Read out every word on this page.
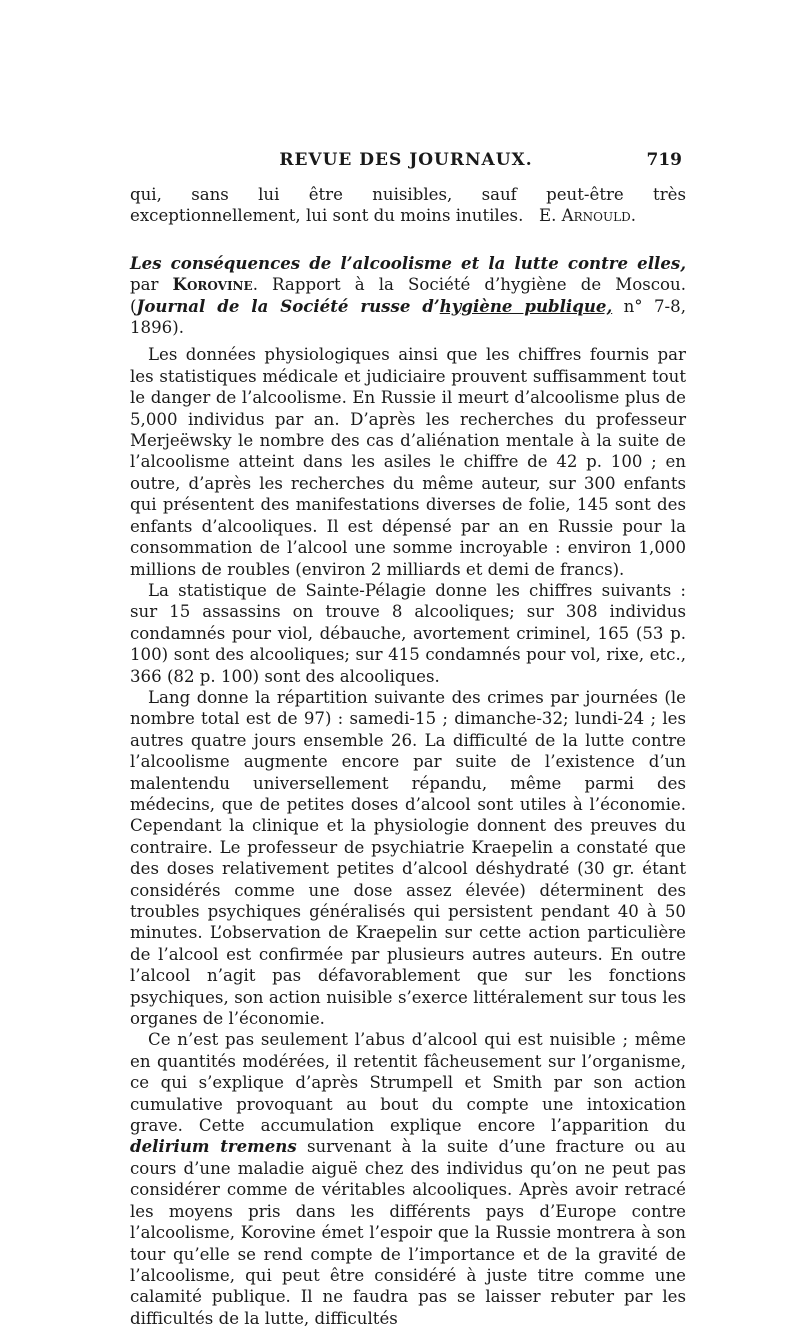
REVUE DES JOURNAUX.	719

qui, sans lui être nuisibles, sauf peut-être très exceptionnellement, lui sont du moins inutiles. E. Arnould.

Les conséquences de l’alcoolisme et la lutte contre elles, par Korovine. Rapport à la Société d’hygiène de Moscou. (Journal de la Société russe d’hygiène publique, n° 7-8, 1896).

Les données physiologiques ainsi que les chiffres fournis par les statistiques médicale et judiciaire prouvent suffisamment tout le danger de l’alcoolisme. En Russie il meurt d’alcoolisme plus de 5,000 individus par an. D’après les recherches du professeur Merjeëwsky le nombre des cas d’aliénation mentale à la suite de l’alcoolisme atteint dans les asiles le chiffre de 42 p. 100 ; en outre, d’après les recherches du même auteur, sur 300 enfants qui présentent des manifestations diverses de folie, 145 sont des enfants d’alcooliques. Il est dépensé par an en Russie pour la consommation de l’alcool une somme incroyable : environ 1,000 millions de roubles (environ 2 milliards et demi de francs).

La statistique de Sainte-Pélagie donne les chiffres suivants : sur 15 assassins on trouve 8 alcooliques; sur 308 individus condamnés pour viol, débauche, avortement criminel, 165 (53 p. 100) sont des alcooliques; sur 415 condamnés pour vol, rixe, etc., 366 (82 p. 100) sont des alcooliques.

Lang donne la répartition suivante des crimes par journées (le nombre total est de 97) : samedi-15 ; dimanche-32; lundi-24 ; les autres quatre jours ensemble 26. La difficulté de la lutte contre l’alcoolisme augmente encore par suite de l’existence d’un malentendu universellement répandu, même parmi des médecins, que de petites doses d’alcool sont utiles à l’économie. Cependant la clinique et la physiologie donnent des preuves du contraire. Le professeur de psychiatrie Kraepelin a constaté que des doses relativement petites d’alcool déshydraté (30 gr. étant considérés comme une dose assez élevée) déterminent des troubles psychiques généralisés qui persistent pendant 40 à 50 minutes. L’observation de Kraepelin sur cette action particulière de l’alcool est confirmée par plusieurs autres auteurs. En outre l’alcool n’agit pas défavorablement que sur les fonctions psychiques, son action nuisible s’exerce littéralement sur tous les organes de l’économie.

Ce n’est pas seulement l’abus d’alcool qui est nuisible ; même en quantités modérées, il retentit fâcheusement sur l’organisme, ce qui s’explique d’après Strumpell et Smith par son action cumulative provoquant au bout du compte une intoxication grave. Cette accumulation explique encore l’apparition du delirium tremens survenant à la suite d’une fracture ou au cours d’une maladie aiguë chez des individus qu’on ne peut pas considérer comme de véritables alcooliques. Après avoir retracé les moyens pris dans les différents pays d’Europe contre l’alcoolisme, Korovine émet l’espoir que la Russie montrera à son tour qu’elle se rend compte de l’importance et de la gravité de l’alcoolisme, qui peut être considéré à juste titre comme une calamité publique. Il ne faudra pas se laisser rebuter par les difficultés de la lutte, difficultés
